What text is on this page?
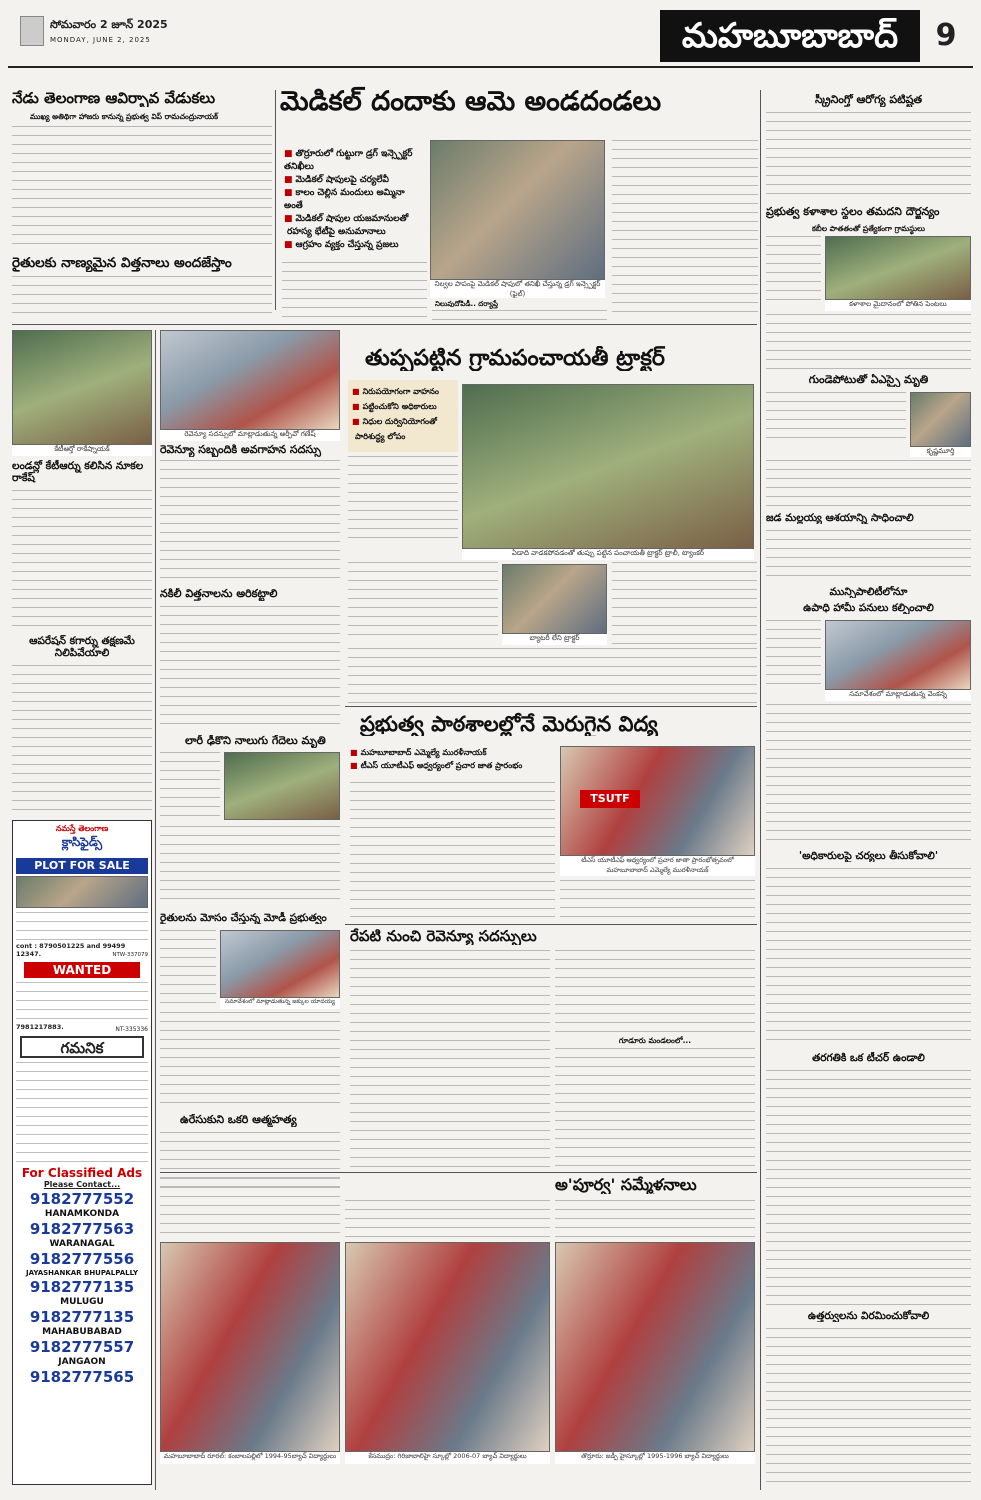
సోమవారం 2 జూన్ 2025
MONDAY, JUNE 2, 2025	మహబూబాబాద్	9
నేడు తెలంగాణ ఆవిర్భావ వేడుకలు
ముఖ్య అతిథిగా హాజరు కానున్న ప్రభుత్వ విప్ రామచంద్రునాయక్
రైతులకు నాణ్యమైన విత్తనాలు అందజేస్తాం
మెడికల్ దందాకు ఆమె అండదండలు
■ తొర్రూరులో గుట్టుగా డ్రగ్ ఇన్స్పెక్టర్ తనిఖీలు
■ మెడికల్ షాపులపై చర్యలేవీ
■ కాలం చెల్లిన మందులు అమ్మినా అంతే
■ మెడికల్ షాపుల యజమానులతో
రహస్య భేటీపై అనుమానాలు
■ ఆగ్రహం వ్యక్తం చేస్తున్న ప్రజలు
నిల్వల పాపంపై మెడికల్ షాపులో తనిఖీ చేస్తున్న డ్రగ్ ఇన్స్పెక్టర్ (ఫైల్)
నిలువుదోపిడీ.. దర్యాప్తే
కేటీఆర్తో రాకేష్నాయక్
లండన్లో కేటీఆర్ను కలిసిన నూకల రాకేష్
ఆపరేషన్ కగార్ను తక్షణమే నిలిపివేయాలి
నమస్తే తెలంగాణ
క్లాసిఫైడ్స్
PLOT FOR SALE
cont : 8790501225 and 99499 12347.	NTW-337079
WANTED
7981217883.	NT-335336
గమనిక
For Classified Ads
Please Contact...
9182777552
HANAMKONDA
9182777563
WARANAGAL
9182777556
JAYASHANKAR BHUPALPALLY
9182777135
MULUGU
9182777135
MAHABUBABAD
9182777557
JANGAON
9182777565
రెవెన్యూ సదస్సులో మాట్లాడుతున్న అర్పీవో గణేష్
రెవెన్యూ సబ్బందికి అవగాహన సదస్సు
నకిలీ విత్తనాలను అరికట్టాలి
లారీ ఢీకొని నాలుగు గేదెలు మృతి
రైతులను మోసం చేస్తున్న మోడీ ప్రభుత్వం
సమావేశంలో మాట్లాడుతున్న జక్కుల యాదయ్య
ఉరేసుకుని ఒకరి ఆత్మహత్య
తుప్పపట్టిన గ్రామపంచాయతీ ట్రాక్టర్
■ నిరుపయోగంగా వాహనం
■ పట్టించుకోని అధికారులు
■ నిధుల దుర్వినియోగంతో
పారిశుద్ధ్య లోపం
ఏడాది వాడకపోవడంతో తుప్పు పట్టిన పంచాయతీ ట్రాక్టర్ ట్రాలీ, ట్యాంకర్
బ్యాటరీ లేని ట్రాక్టర్
ప్రభుత్వ పాఠశాలల్లోనే మెరుగైన విద్య
■ మహబూబాబాద్ ఎమ్మెల్యే మురళీనాయక్
■ టీఎస్ యూటీఎఫ్ ఆధ్వర్యంలో ప్రచార జాత ప్రారంభం
TSUTF
టీఎస్ యూటీఎఫ్ ఆధ్వర్యంలో ప్రచార జాతా ప్రారంభోత్సవంలో మహబూబాబాద్ ఎమ్మెల్యే మురళీనాయక్
రేపటి నుంచి రెవెన్యూ సదస్సులు
గూడూరు మండలంలో...
అ'పూర్వ' సమ్మేళనాలు
మహబూబాబాద్ రూరల్: కంబాలపల్లిలో 1994-95బ్యాచ్ విద్యార్థులు	కేసముద్రం: గిరిజాబాలిహై స్కూల్లో 2006-07 బ్యాచ్ విద్యార్థులు	తొర్రూరు: జడ్పీ హైస్కూల్లో 1995-1996 బ్యాచ్ విద్యార్థులు
స్క్రీనింగ్తో ఆరోగ్య పటిష్టత
ప్రభుత్వ కళాశాల స్థలం తమదని దౌర్జన్యం
కబీల పాతతంతో ప్రత్యేకంగా గ్రామస్థులు
కళాశాల మైదానంలో పోతిన పెంటలు
గుండెపోటుతో ఏఎస్సై మృతి
కృష్ణమూర్తి
జడ మల్లయ్య ఆశయాన్ని సాధించాలి
మున్సిపాలిటీలోనూ
ఉపాధి హామీ పనులు కల్పించాలి
సమావేశంలో మాట్లాడుతున్న వెంకన్న
'అధికారులపై చర్యలు తీసుకోవాలి'
తరగతికి ఒక టీచర్ ఉండాలి
ఉత్తర్వులను విరమించుకోవాలి
